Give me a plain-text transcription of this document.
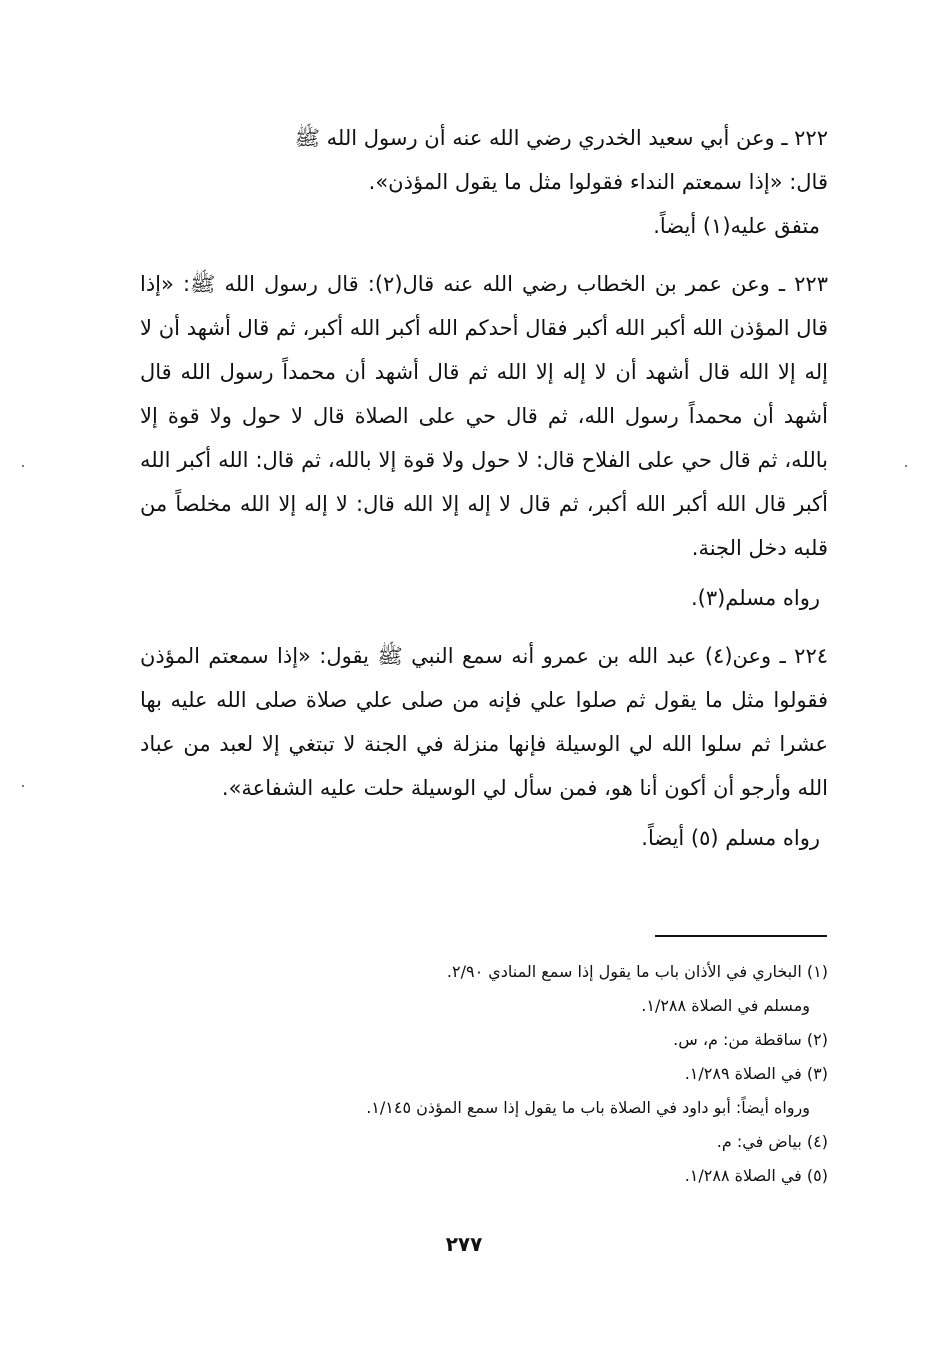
٢٢٢ ـ وعن أبي سعيد الخدري رضي الله عنه أن رسول الله ﷺ

قال: «إذا سمعتم النداء فقولوا مثل ما يقول المؤذن».

متفق عليه(١) أيضاً.

٢٢٣ ـ وعن عمر بن الخطاب رضي الله عنه قال(٢): قال رسول الله ﷺ: «إذا قال المؤذن الله أكبر الله أكبر فقال أحدكم الله أكبر الله أكبر، ثم قال أشهد أن لا إله إلا الله قال أشهد أن لا إله إلا الله ثم قال أشهد أن محمداً رسول الله قال أشهد أن محمداً رسول الله، ثم قال حي على الصلاة قال لا حول ولا قوة إلا بالله، ثم قال حي على الفلاح قال: لا حول ولا قوة إلا بالله، ثم قال: الله أكبر الله أكبر قال الله أكبر الله أكبر، ثم قال لا إله إلا الله قال: لا إله إلا الله مخلصاً من قلبه دخل الجنة.

رواه مسلم(٣).

٢٢٤ ـ وعن(٤) عبد الله بن عمرو أنه سمع النبي ﷺ يقول: «إذا سمعتم المؤذن فقولوا مثل ما يقول ثم صلوا علي فإنه من صلى علي صلاة صلى الله عليه بها عشرا ثم سلوا الله لي الوسيلة فإنها منزلة في الجنة لا تبتغي إلا لعبد من عباد الله وأرجو أن أكون أنا هو، فمن سأل لي الوسيلة حلت عليه الشفاعة».

رواه مسلم (٥) أيضاً.

(١) البخاري في الأذان باب ما يقول إذا سمع المنادي ٢/٩٠.

ومسلم في الصلاة ١/٢٨٨.

(٢) ساقطة من: م، س.

(٣) في الصلاة ١/٢٨٩.

ورواه أيضاً: أبو داود في الصلاة باب ما يقول إذا سمع المؤذن ١/١٤٥.

(٤) بياض في: م.

(٥) في الصلاة ١/٢٨٨.

٢٧٧
